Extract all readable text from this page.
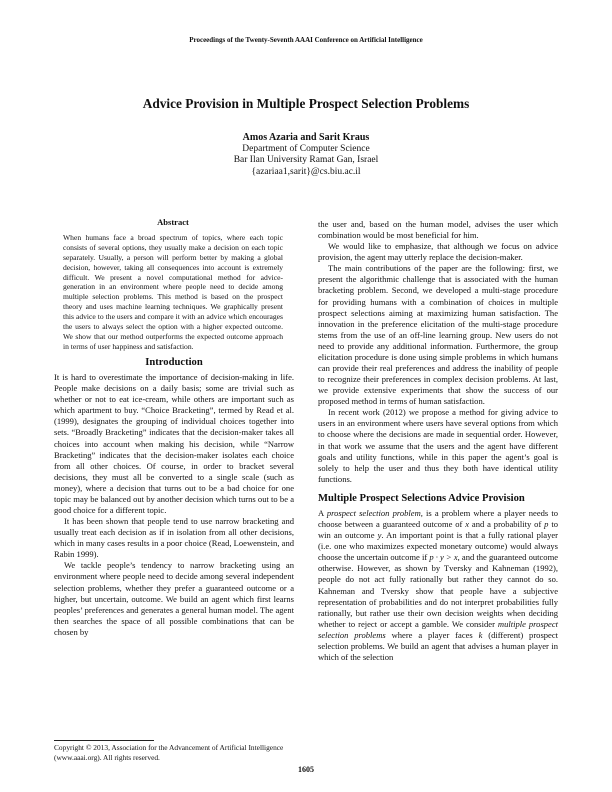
Proceedings of the Twenty-Seventh AAAI Conference on Artificial Intelligence
Advice Provision in Multiple Prospect Selection Problems
Amos Azaria and Sarit Kraus
Department of Computer Science
Bar Ilan University Ramat Gan, Israel
{azariaa1,sarit}@cs.biu.ac.il
Abstract

When humans face a broad spectrum of topics, where each topic consists of several options, they usually make a decision on each topic separately. Usually, a person will perform better by making a global decision, however, taking all consequences into account is extremely difficult. We present a novel computational method for advice-generation in an environment where people need to decide among multiple selection problems. This method is based on the prospect theory and uses machine learning techniques. We graphically present this advice to the users and compare it with an advice which encourages the users to always select the option with a higher expected outcome. We show that our method outperforms the expected outcome approach in terms of user happiness and satisfaction.

Introduction

It is hard to overestimate the importance of decision-making in life. People make decisions on a daily basis; some are trivial such as whether or not to eat ice-cream, while others are important such as which apartment to buy. “Choice Bracketing”, termed by Read et al. (1999), designates the grouping of individual choices together into sets. “Broadly Bracketing” indicates that the decision-maker takes all choices into account when making his decision, while “Narrow Bracketing” indicates that the decision-maker isolates each choice from all other choices. Of course, in order to bracket several decisions, they must all be converted to a single scale (such as money), where a decision that turns out to be a bad choice for one topic may be balanced out by another decision which turns out to be a good choice for a different topic.

It has been shown that people tend to use narrow bracketing and usually treat each decision as if in isolation from all other decisions, which in many cases results in a poor choice (Read, Loewenstein, and Rabin 1999).

We tackle people’s tendency to narrow bracketing using an environment where people need to decide among several independent selection problems, whether they prefer a guaranteed outcome or a higher, but uncertain, outcome. We build an agent which first learns peoples’ preferences and generates a general human model. The agent then searches the space of all possible combinations that can be chosen by

the user and, based on the human model, advises the user which combination would be most beneficial for him.

We would like to emphasize, that although we focus on advice provision, the agent may utterly replace the decision-maker.

The main contributions of the paper are the following: first, we present the algorithmic challenge that is associated with the human bracketing problem. Second, we developed a multi-stage procedure for providing humans with a combination of choices in multiple prospect selections aiming at maximizing human satisfaction. The innovation in the preference elicitation of the multi-stage procedure stems from the use of an off-line learning group. New users do not need to provide any additional information. Furthermore, the group elicitation procedure is done using simple problems in which humans can provide their real preferences and address the inability of people to recognize their preferences in complex decision problems. At last, we provide extensive experiments that show the success of our proposed method in terms of human satisfaction.

In recent work (2012) we propose a method for giving advice to users in an environment where users have several options from which to choose where the decisions are made in sequential order. However, in that work we assume that the users and the agent have different goals and utility functions, while in this paper the agent’s goal is solely to help the user and thus they both have identical utility functions.

Multiple Prospect Selections Advice Provision

A prospect selection problem, is a problem where a player needs to choose between a guaranteed outcome of x and a probability of p to win an outcome y. An important point is that a fully rational player (i.e. one who maximizes expected monetary outcome) would always choose the uncertain outcome if p · y > x, and the guaranteed outcome otherwise. However, as shown by Tversky and Kahneman (1992), people do not act fully rationally but rather they cannot do so. Kahneman and Tversky show that people have a subjective representation of probabilities and do not interpret probabilities fully rationally, but rather use their own decision weights when deciding whether to reject or accept a gamble. We consider multiple prospect selection problems where a player faces k (different) prospect selection problems. We build an agent that advises a human player in which of the selection

Copyright © 2013, Association for the Advancement of Artificial Intelligence (www.aaai.org). All rights reserved.
1605
